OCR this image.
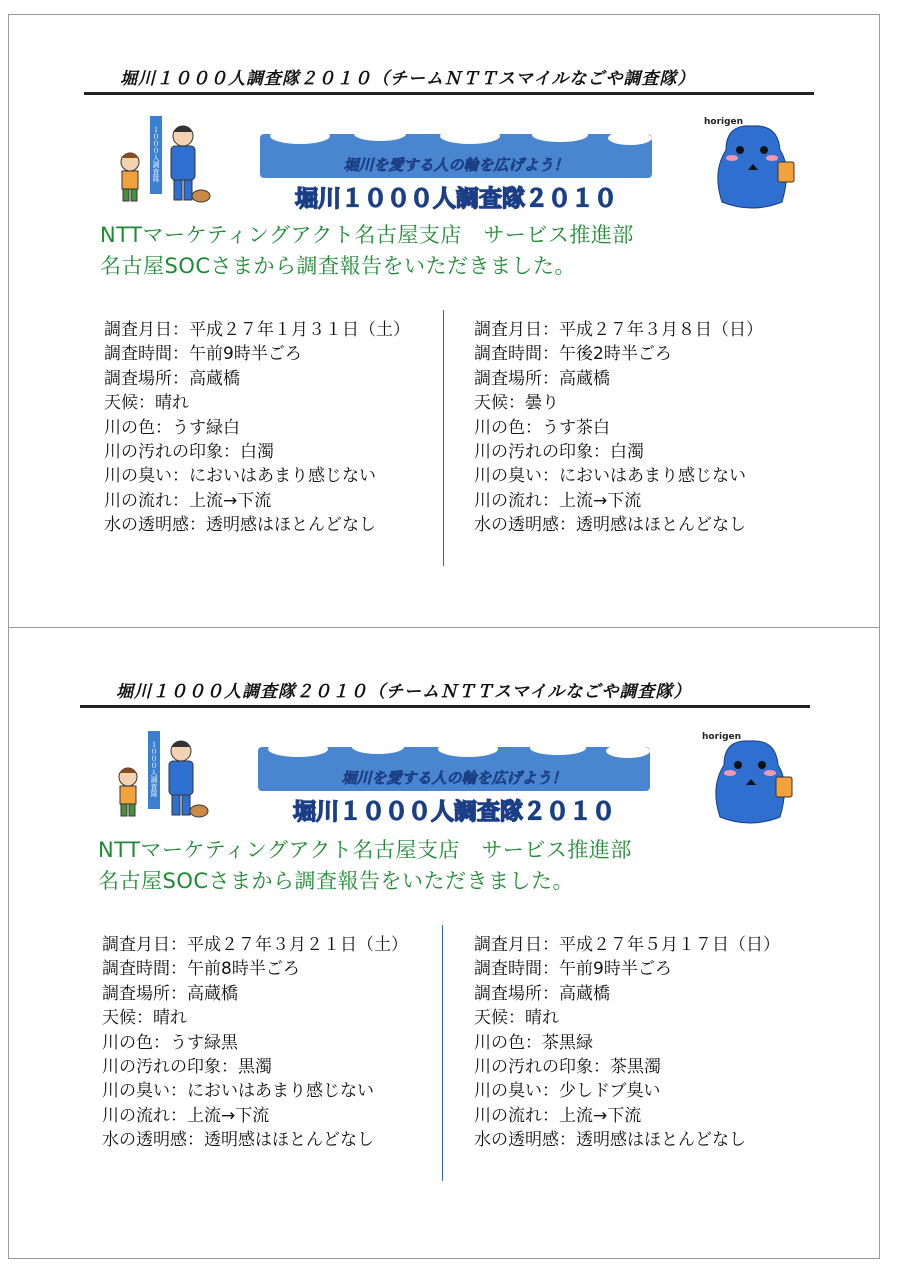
堀川１０００人調査隊２０１０（チームＮＴＴスマイルなごや調査隊）
１０００人調査隊	堀川を愛する人の輪を広げよう！
堀川１０００人調査隊２０１０
horigen
NTTマーケティングアクト名古屋支店　サービス推進部
名古屋SOCさまから調査報告をいただきました。
調査月日：平成２７年１月３１日（土）
調査時間：午前9時半ごろ
調査場所：高蔵橋
天候：晴れ
川の色：うす緑白
川の汚れの印象：白濁
川の臭い：においはあまり感じない
川の流れ：上流→下流
水の透明感：透明感はほとんどなし
調査月日：平成２７年３月８日（日）
調査時間：午後2時半ごろ
調査場所：高蔵橋
天候：曇り
川の色：うす茶白
川の汚れの印象：白濁
川の臭い：においはあまり感じない
川の流れ：上流→下流
水の透明感：透明感はほとんどなし
堀川１０００人調査隊２０１０（チームＮＴＴスマイルなごや調査隊）
１０００人調査隊	堀川を愛する人の輪を広げよう！
堀川１０００人調査隊２０１０
horigen
NTTマーケティングアクト名古屋支店　サービス推進部
名古屋SOCさまから調査報告をいただきました。
調査月日：平成２７年３月２１日（土）
調査時間：午前8時半ごろ
調査場所：高蔵橋
天候：晴れ
川の色：うす緑黒
川の汚れの印象：黒濁
川の臭い：においはあまり感じない
川の流れ：上流→下流
水の透明感：透明感はほとんどなし
調査月日：平成２７年５月１７日（日）
調査時間：午前9時半ごろ
調査場所：高蔵橋
天候：晴れ
川の色：茶黒緑
川の汚れの印象：茶黒濁
川の臭い：少しドブ臭い
川の流れ：上流→下流
水の透明感：透明感はほとんどなし
